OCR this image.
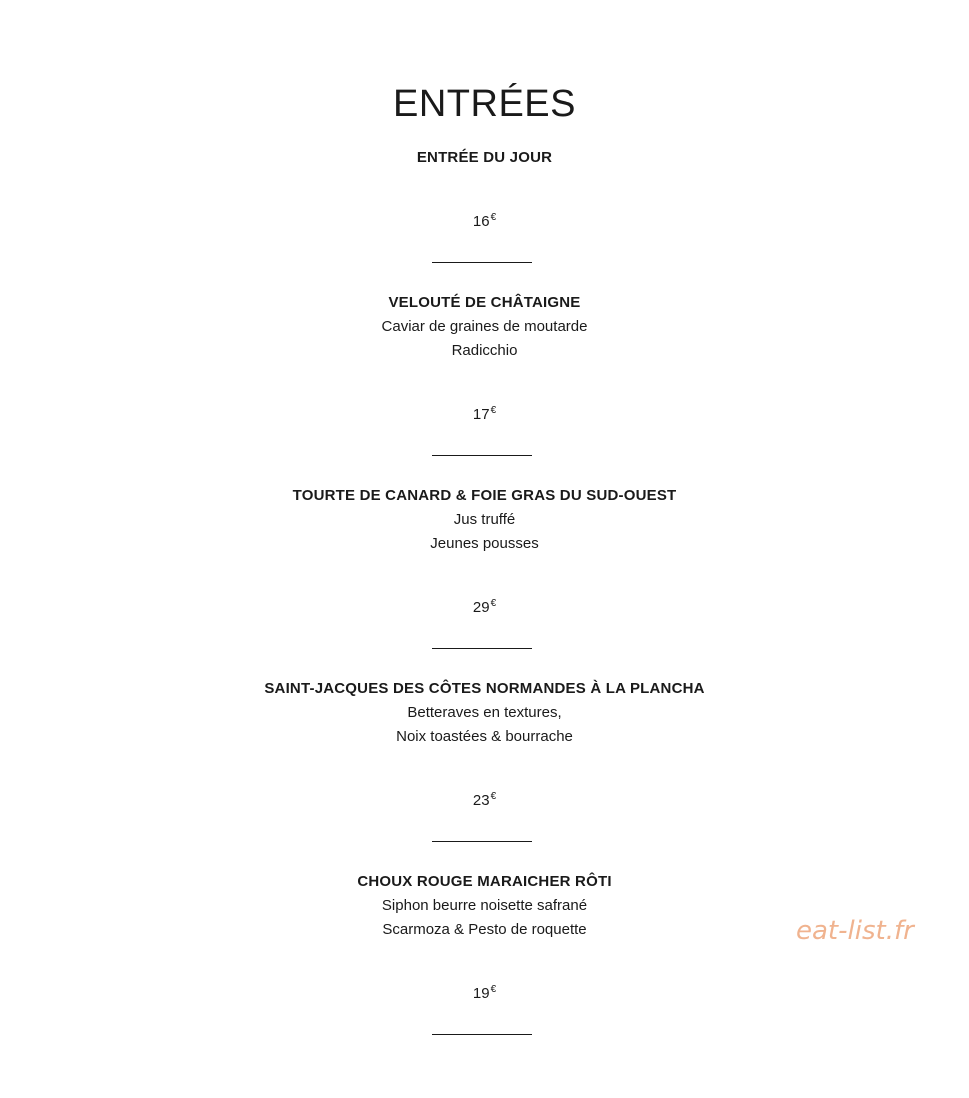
ENTRÉES

ENTRÉE DU JOUR

16€

VELOUTÉ DE CHÂTAIGNE

Caviar de graines de moutarde

Radicchio

17€

TOURTE DE CANARD & FOIE GRAS DU SUD-OUEST

Jus truffé

Jeunes pousses

29€

SAINT-JACQUES DES CÔTES NORMANDES À LA PLANCHA

Betteraves en textures,

Noix toastées & bourrache

23€

CHOUX ROUGE MARAICHER RÔTI

Siphon beurre noisette safrané

Scarmoza & Pesto de roquette

19€
eat-list.fr
